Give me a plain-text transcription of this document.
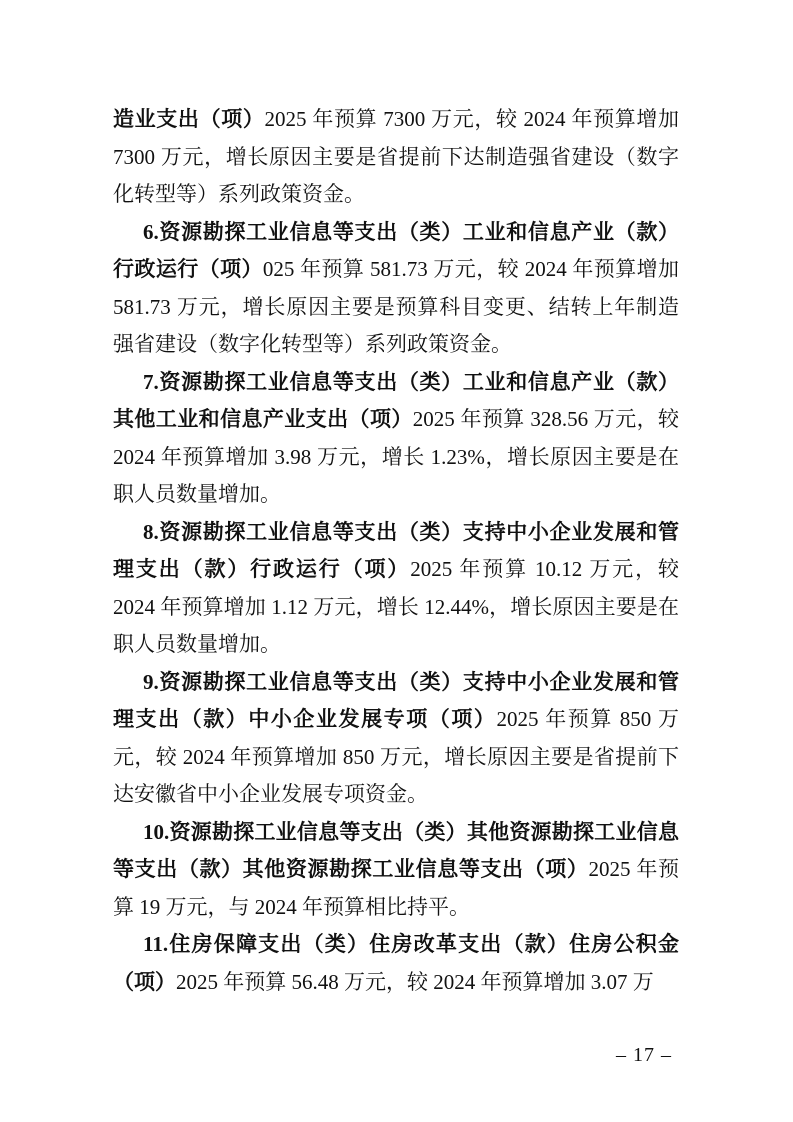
造业支出（项）2025 年预算 7300 万元，较 2024 年预算增加 7300 万元，增长原因主要是省提前下达制造强省建设（数字化转型等）系列政策资金。

6.资源勘探工业信息等支出（类）工业和信息产业（款）行政运行（项）025 年预算 581.73 万元，较 2024 年预算增加 581.73 万元，增长原因主要是预算科目变更、结转上年制造强省建设（数字化转型等）系列政策资金。

7.资源勘探工业信息等支出（类）工业和信息产业（款）其他工业和信息产业支出（项）2025 年预算 328.56 万元，较 2024 年预算增加 3.98 万元，增长 1.23%，增长原因主要是在职人员数量增加。

8.资源勘探工业信息等支出（类）支持中小企业发展和管理支出（款）行政运行（项）2025 年预算 10.12 万元，较 2024 年预算增加 1.12 万元，增长 12.44%，增长原因主要是在职人员数量增加。

9.资源勘探工业信息等支出（类）支持中小企业发展和管理支出（款）中小企业发展专项（项）2025 年预算 850 万元，较 2024 年预算增加 850 万元，增长原因主要是省提前下达安徽省中小企业发展专项资金。

10.资源勘探工业信息等支出（类）其他资源勘探工业信息等支出（款）其他资源勘探工业信息等支出（项）2025 年预算 19 万元，与 2024 年预算相比持平。

11.住房保障支出（类）住房改革支出（款）住房公积金（项）2025 年预算 56.48 万元，较 2024 年预算增加 3.07 万

– 17 –
